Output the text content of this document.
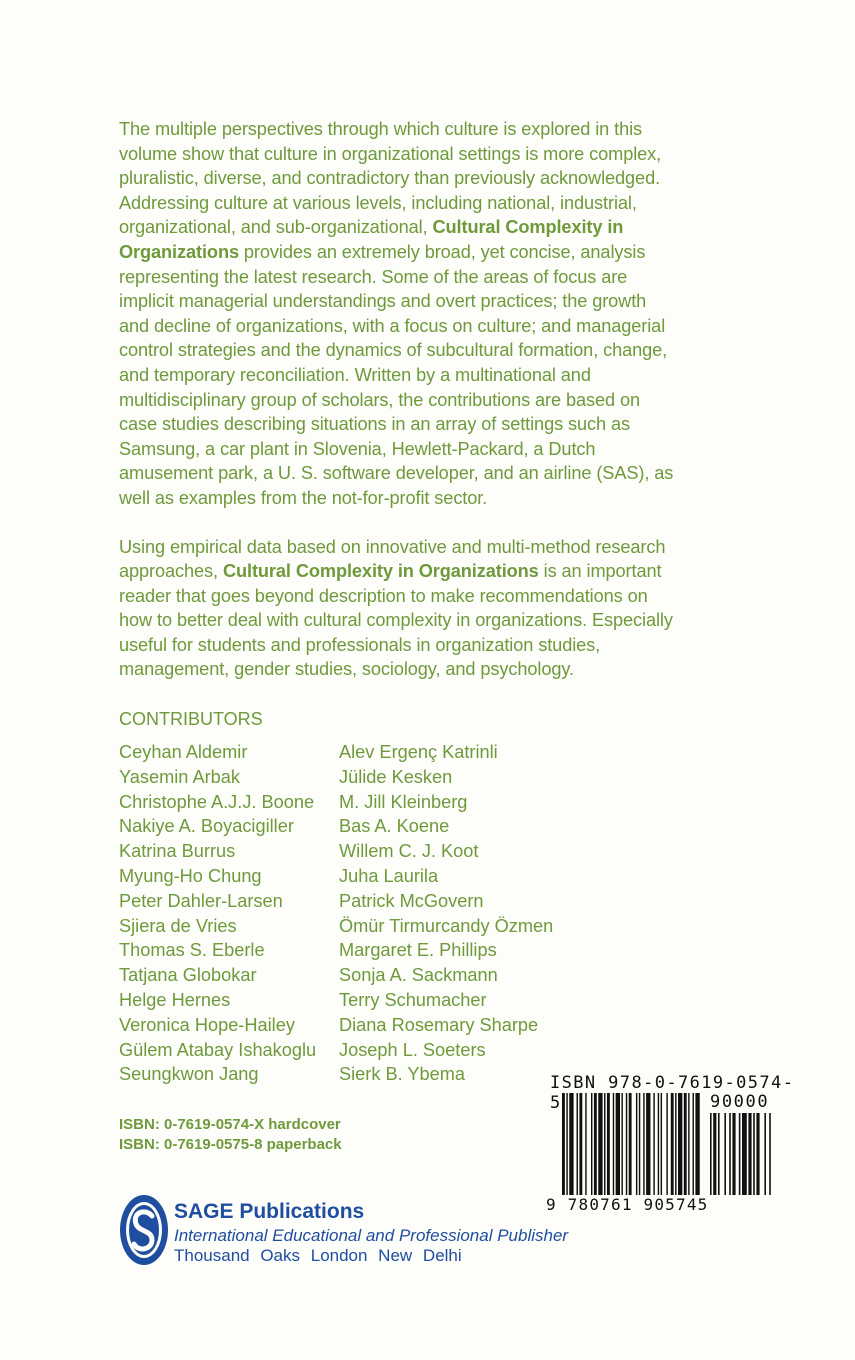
The multiple perspectives through which culture is explored in this volume show that culture in organizational settings is more complex, pluralistic, diverse, and contradictory than previously acknowledged. Addressing culture at various levels, including national, industrial, organizational, and sub-organizational, Cultural Complexity in Organizations provides an extremely broad, yet concise, analysis representing the latest research. Some of the areas of focus are implicit managerial understandings and overt practices; the growth and decline of organizations, with a focus on culture; and managerial control strategies and the dynamics of subcultural formation, change, and temporary reconciliation. Written by a multinational and multidisciplinary group of scholars, the contributions are based on case studies describing situations in an array of settings such as Samsung, a car plant in Slovenia, Hewlett-Packard, a Dutch amusement park, a U. S. software developer, and an airline (SAS), as well as examples from the not-for-profit sector.

Using empirical data based on innovative and multi-method research approaches, Cultural Complexity in Organizations is an important reader that goes beyond description to make recommendations on how to better deal with cultural complexity in organizations. Especially useful for students and professionals in organization studies, management, gender studies, sociology, and psychology.

CONTRIBUTORS
Ceyhan Aldemir
Yasemin Arbak
Christophe A.J.J. Boone
Nakiye A. Boyacigiller
Katrina Burrus
Myung-Ho Chung
Peter Dahler-Larsen
Sjiera de Vries
Thomas S. Eberle
Tatjana Globokar
Helge Hernes
Veronica Hope-Hailey
Gülem Atabay Ishakoglu
Seungkwon Jang
Alev Ergenç Katrinli
Jülide Kesken
M. Jill Kleinberg
Bas A. Koene
Willem C. J. Koot
Juha Laurila
Patrick McGovern
Ömür Tirmurcandy Özmen
Margaret E. Phillips
Sonja A. Sackmann
Terry Schumacher
Diana Rosemary Sharpe
Joseph L. Soeters
Sierk B. Ybema
ISBN: 0-7619-0574-X hardcover
ISBN: 0-7619-0575-8 paperback
ISBN 978-0-7619-0574-5	90000
9 780761 905745
SAGE Publications
International Educational and Professional Publisher
Thousand Oaks London New Delhi
